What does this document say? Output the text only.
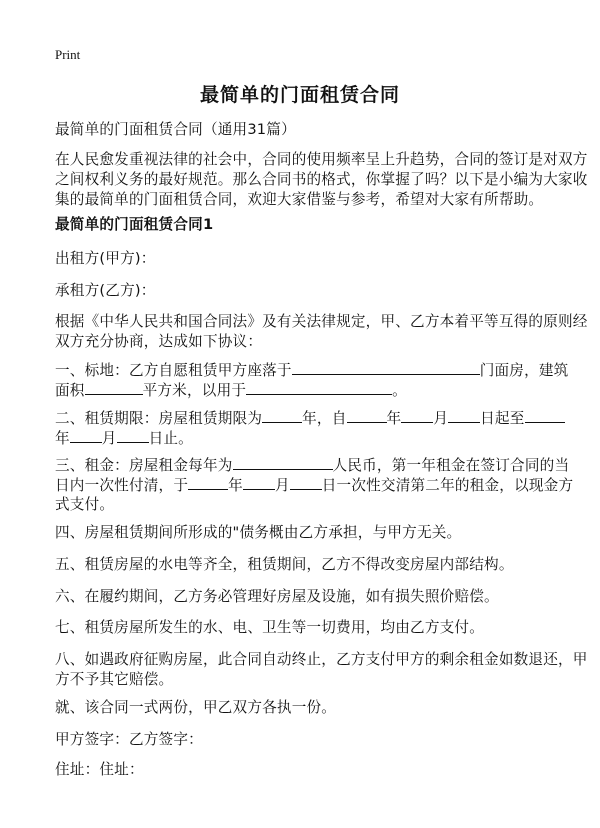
Print
最简单的门面租赁合同
最简单的门面租赁合同（通用31篇）
在人民愈发重视法律的社会中，合同的使用频率呈上升趋势，合同的签订是对双方
之间权利义务的最好规范。那么合同书的格式，你掌握了吗？以下是小编为大家收
集的最简单的门面租赁合同，欢迎大家借鉴与参考，希望对大家有所帮助。
最简单的门面租赁合同1
出租方(甲方)：
承租方(乙方)：
根据《中华人民共和国合同法》及有关法律规定，甲、乙方本着平等互得的原则经
双方充分协商，达成如下协议：
一、标地：乙方自愿租赁甲方座落于	门面房，建筑
面积	平方米，以用于	。
二、租赁期限：房屋租赁期限为	年，自	年 月 日起至
年 月 日止。
三、租金：房屋租金每年为	人民币，第一年租金在签订合同的当
日内一次性付清，于	年 月 日一次性交清第二年的租金，以现金方
式支付。
四、房屋租赁期间所形成的"债务概由乙方承担，与甲方无关。
五、租赁房屋的水电等齐全，租赁期间，乙方不得改变房屋内部结构。
六、在履约期间，乙方务必管理好房屋及设施，如有损失照价赔偿。
七、租赁房屋所发生的水、电、卫生等一切费用，均由乙方支付。
八、如遇政府征购房屋，此合同自动终止，乙方支付甲方的剩余租金如数退还，甲
方不予其它赔偿。
就、该合同一式两份，甲乙双方各执一份。
甲方签字：乙方签字：
住址：住址：
